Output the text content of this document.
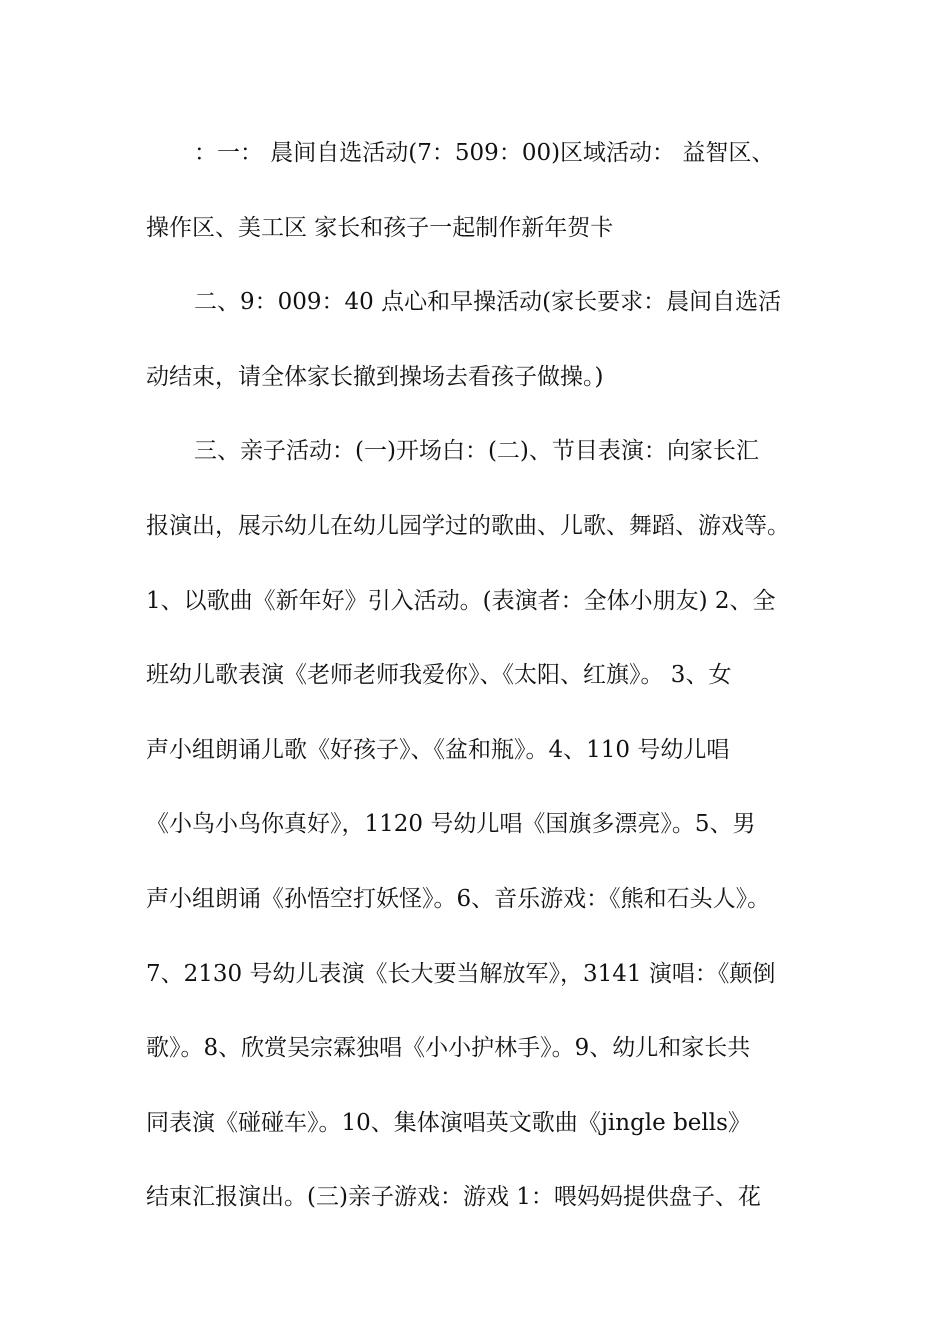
：一： 晨间自选活动(7：509：00)区域活动： 益智区、
操作区、美工区 家长和孩子一起制作新年贺卡
二、9：009：40 点心和早操活动(家长要求：晨间自选活
动结束，请全体家长撤到操场去看孩子做操。)
三、亲子活动：(一)开场白：(二)、节目表演：向家长汇
报演出，展示幼儿在幼儿园学过的歌曲、儿歌、舞蹈、游戏等。
1、以歌曲《新年好》引入活动。(表演者：全体小朋友) 2、全
班幼儿歌表演《老师老师我爱你》、《太阳、红旗》。 3、女
声小组朗诵儿歌《好孩子》、《盆和瓶》。4、110 号幼儿唱
《小鸟小鸟你真好》，1120 号幼儿唱《国旗多漂亮》。5、男
声小组朗诵《孙悟空打妖怪》。6、音乐游戏：《熊和石头人》。
7、2130 号幼儿表演《长大要当解放军》，3141 演唱：《颠倒
歌》。8、欣赏吴宗霖独唱《小小护林手》。9、幼儿和家长共
同表演《碰碰车》。10、集体演唱英文歌曲《jingle bells》
结束汇报演出。(三)亲子游戏：游戏 1：喂妈妈提供盘子、花
